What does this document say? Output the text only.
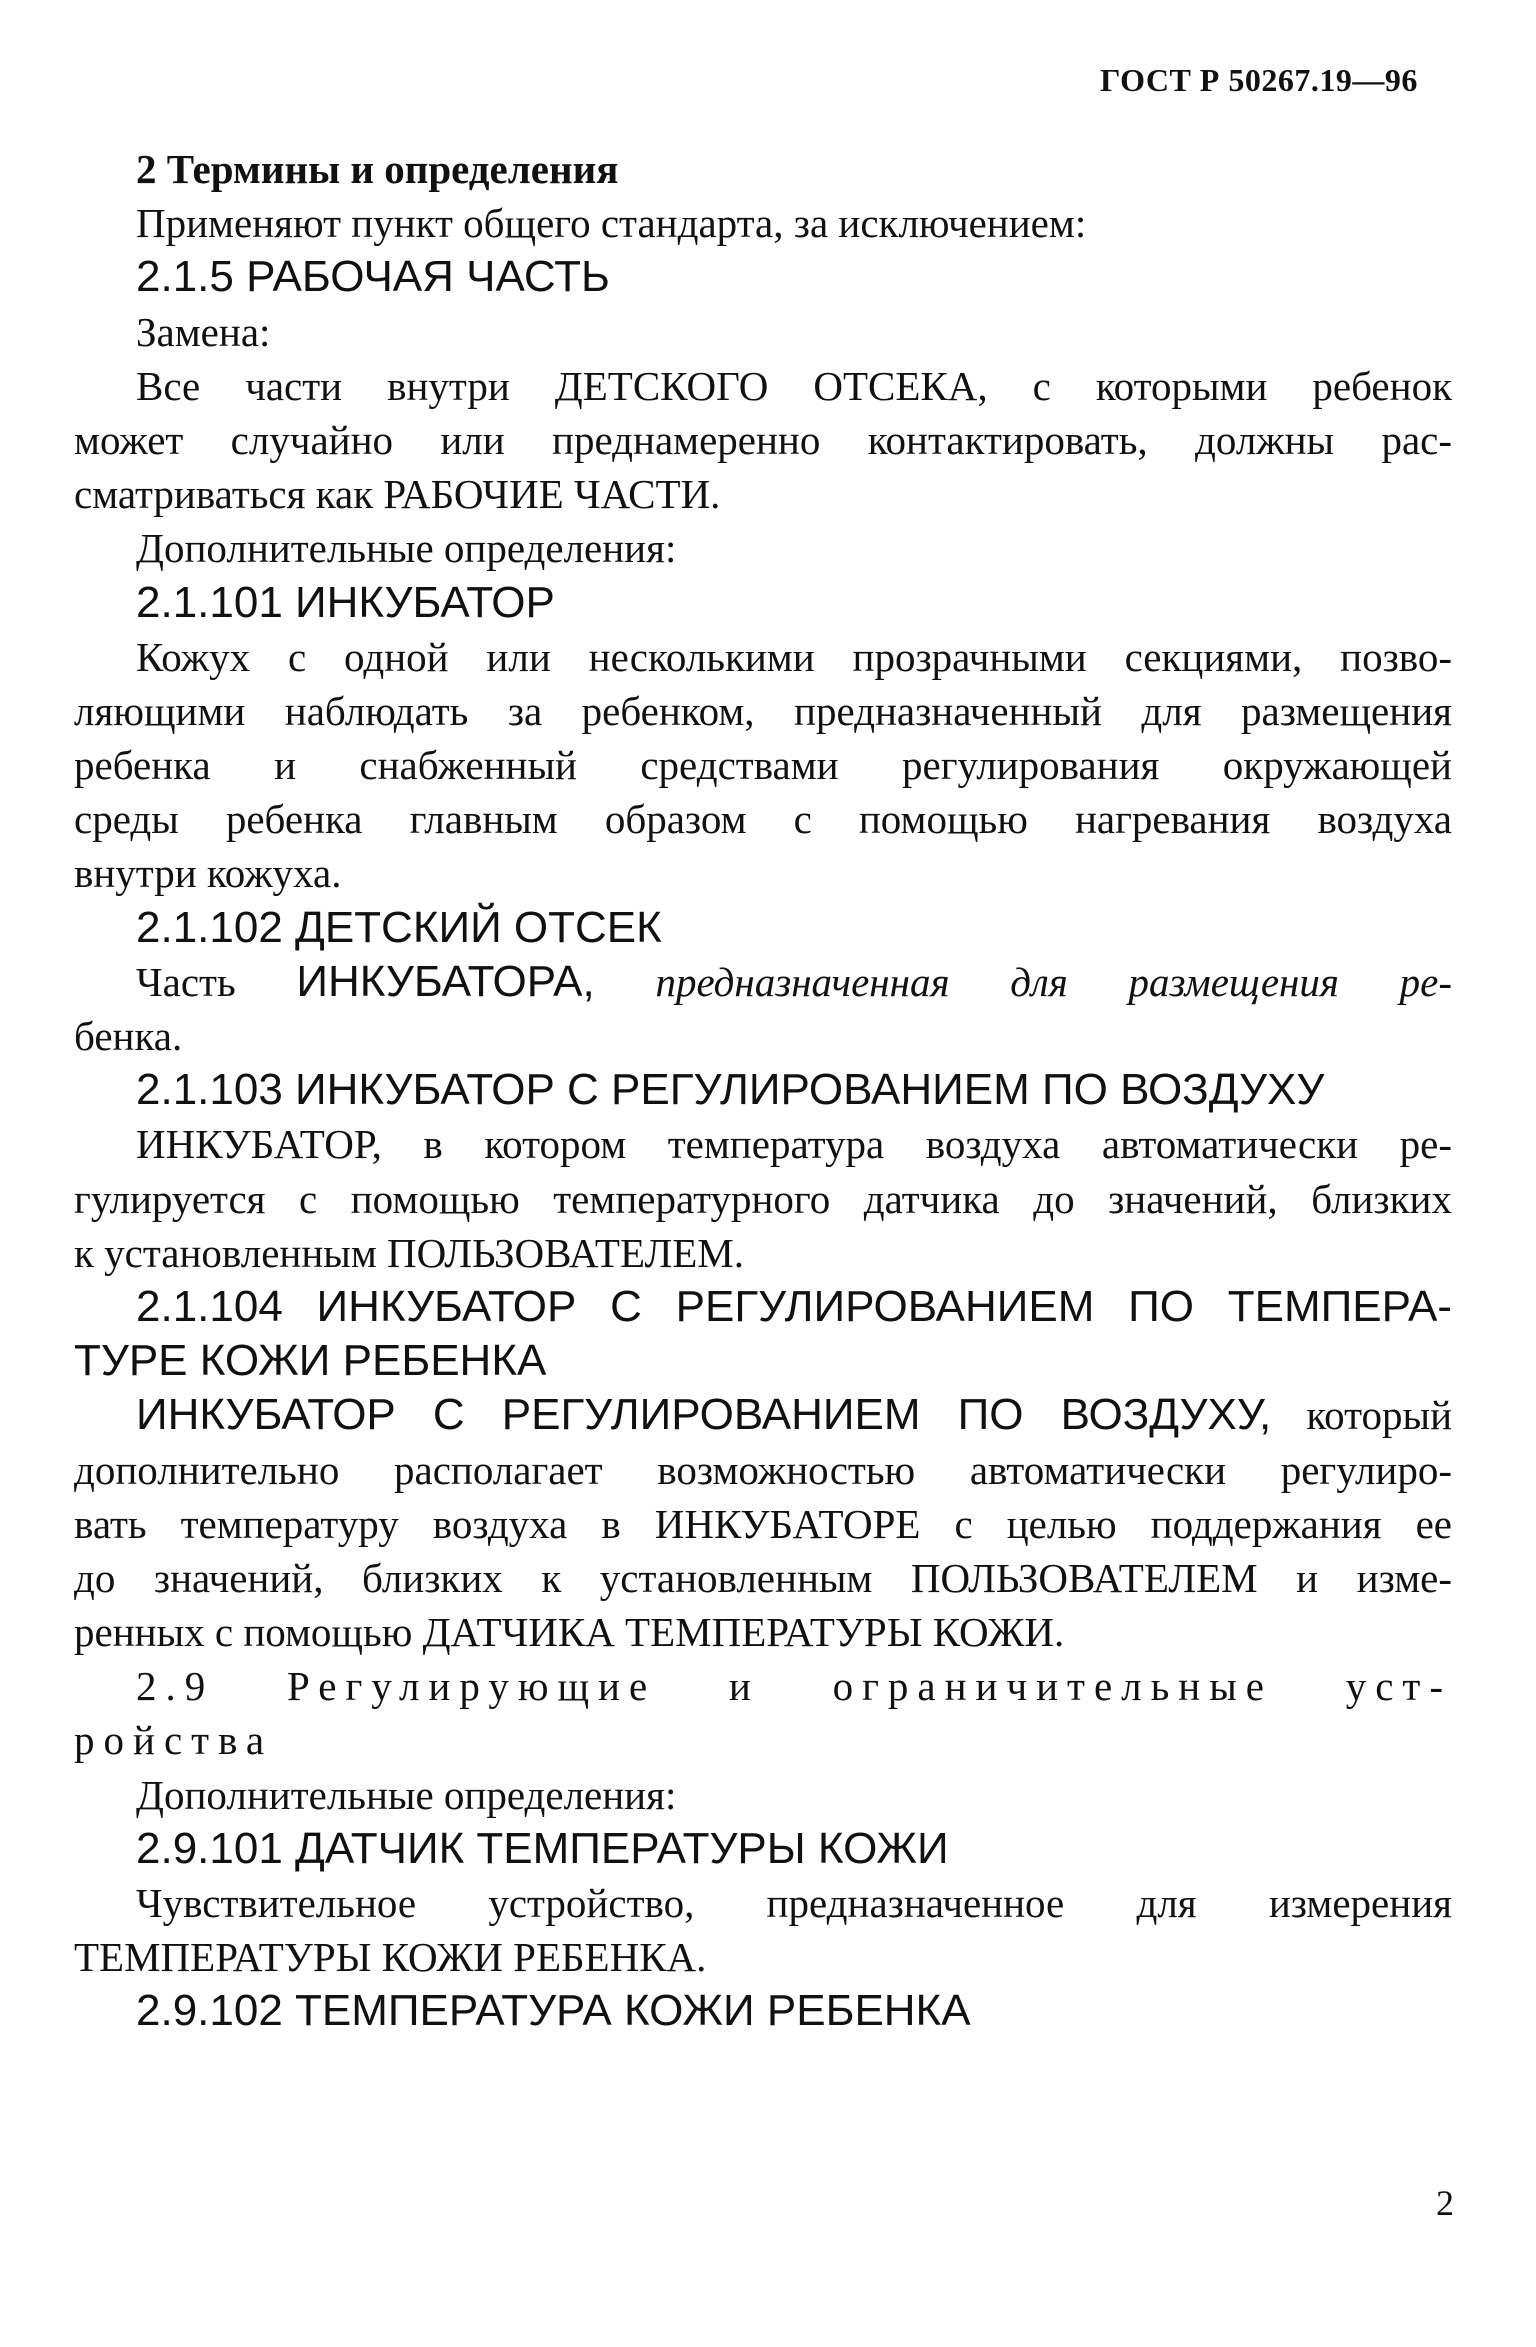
ГОСТ Р 50267.19—96
2 Термины и определения
Применяют пункт общего стандарта, за исключением:
2.1.5 РАБОЧАЯ ЧАСТЬ
Замена:
Все части внутри ДЕТСКОГО ОТСЕКА, с которыми ребенок
может случайно или преднамеренно контактировать, должны рас-
сматриваться как РАБОЧИЕ ЧАСТИ.
Дополнительные определения:
2.1.101 ИНКУБАТОР
Кожух с одной или несколькими прозрачными секциями, позво-
ляющими наблюдать за ребенком, предназначенный для размещения
ребенка и снабженный средствами регулирования окружающей
среды ребенка главным образом с помощью нагревания воздуха
внутри кожуха.
2.1.102 ДЕТСКИЙ ОТСЕК
Часть ИНКУБАТОРА, предназначенная для размещения ре-
бенка.
2.1.103 ИНКУБАТОР С РЕГУЛИРОВАНИЕМ ПО ВОЗДУХУ
ИНКУБАТОР, в котором температура воздуха автоматически ре-
гулируется с помощью температурного датчика до значений, близких
к установленным ПОЛЬЗОВАТЕЛЕМ.
2.1.104 ИНКУБАТОР С РЕГУЛИРОВАНИЕМ ПО ТЕМПЕРА-
ТУРЕ КОЖИ РЕБЕНКА
ИНКУБАТОР С РЕГУЛИРОВАНИЕМ ПО ВОЗДУХУ, который
дополнительно располагает возможностью автоматически регулиро-
вать температуру воздуха в ИНКУБАТОРЕ с целью поддержания ее
до значений, близких к установленным ПОЛЬЗОВАТЕЛЕМ и изме-
ренных с помощью ДАТЧИКА ТЕМПЕРАТУРЫ КОЖИ.
2.9 Регулирующие и ограничительные уст-
ройства
Дополнительные определения:
2.9.101 ДАТЧИК ТЕМПЕРАТУРЫ КОЖИ
Чувствительное устройство, предназначенное для измерения
ТЕМПЕРАТУРЫ КОЖИ РЕБЕНКА.
2.9.102 ТЕМПЕРАТУРА КОЖИ РЕБЕНКА
2
